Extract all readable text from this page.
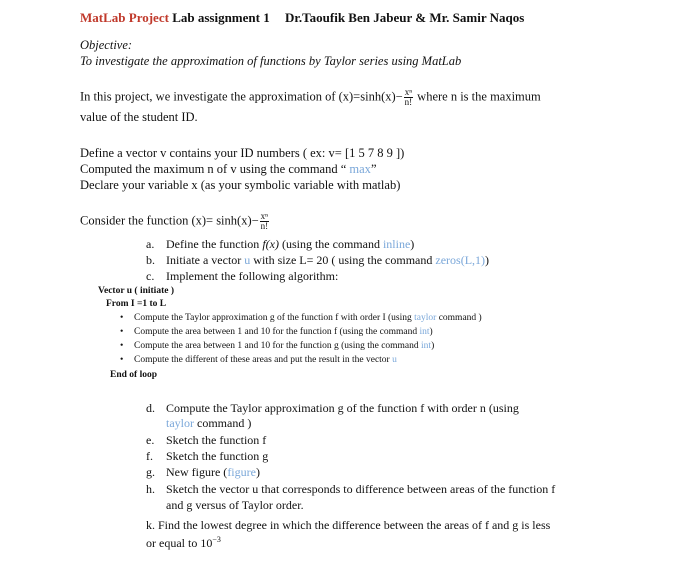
MatLab Project Lab assignment 1 Dr.Taoufik Ben Jabeur & Mr. Samir Naqos
Objective:
To investigate the approximation of functions by Taylor series using MatLab
In this project, we investigate the approximation of $(x)=\sinh(x)- \frac{\text{xⁿ}}{n!}$ where n is the maximum
value of the student ID.
Define a vector v contains your ID numbers ( ex: v= [1 5 7 8 9 ])
Computed the maximum n of v using the command “ max”
Declare your variable x (as your symbolic variable with matlab)
Consider the function $(x)= \sinh(x)- \frac{\text{xⁿ}}{n!}$
a. Define the function f(x) (using the command inline)
b. Initiate a vector u with size L= 20 ( using the command zeros(L,1))
c. Implement the following algorithm:
Vector u ( initiate )
From I =1 to L
• Compute the Taylor approximation g of the function f with order I (using taylor command )
• Compute the area between 1 and 10 for the function f (using the command int)
• Compute the area between 1 and 10 for the function g (using the command int)
• Compute the different of these areas and put the result in the vector u
End of loop
d. Compute the Taylor approximation g of the function f with order n (using
taylor command )
e. Sketch the function f
f. Sketch the function g
g. New figure (figure)
h. Sketch the vector u that corresponds to difference between areas of the function f
and g versus of Taylor order.
k. Find the lowest degree in which the difference between the areas of f and g is less
or equal to $10^{-3}$
